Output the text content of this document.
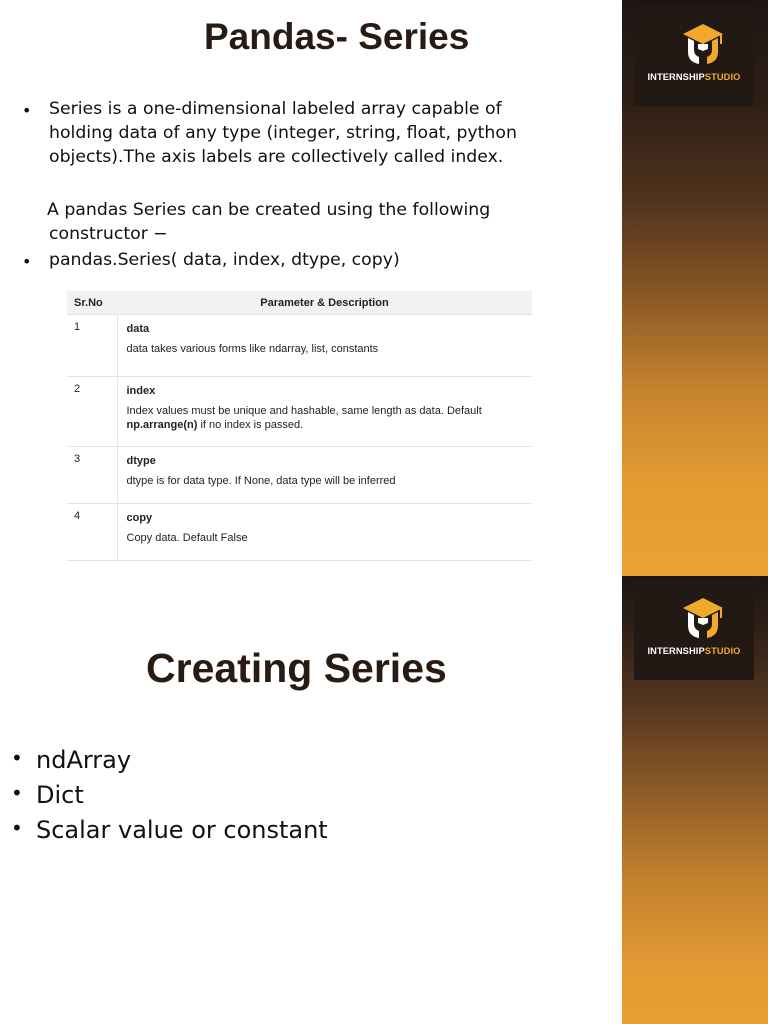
Pandas- Series
• Series is a one-dimensional labeled array capable of

holding data of any type (integer, string, float, python

objects).The axis labels are collectively called index.

A pandas Series can be created using the following

constructor −

• pandas.Series( data, index, dtype, copy)

Sr.No	Parameter & Description
1	data
data takes various forms like ndarray, list, constants

2	index
Index values must be unique and hashable, same length as data. Default
np.arrange(n) if no index is passed.

3	dtype
dtype is for data type. If None, data type will be inferred

4	copy
Copy data. Default False
INTERNSHIPSTUDIO
Creating Series
• ndArray
• Dict
• Scalar value or constant
INTERNSHIPSTUDIO
